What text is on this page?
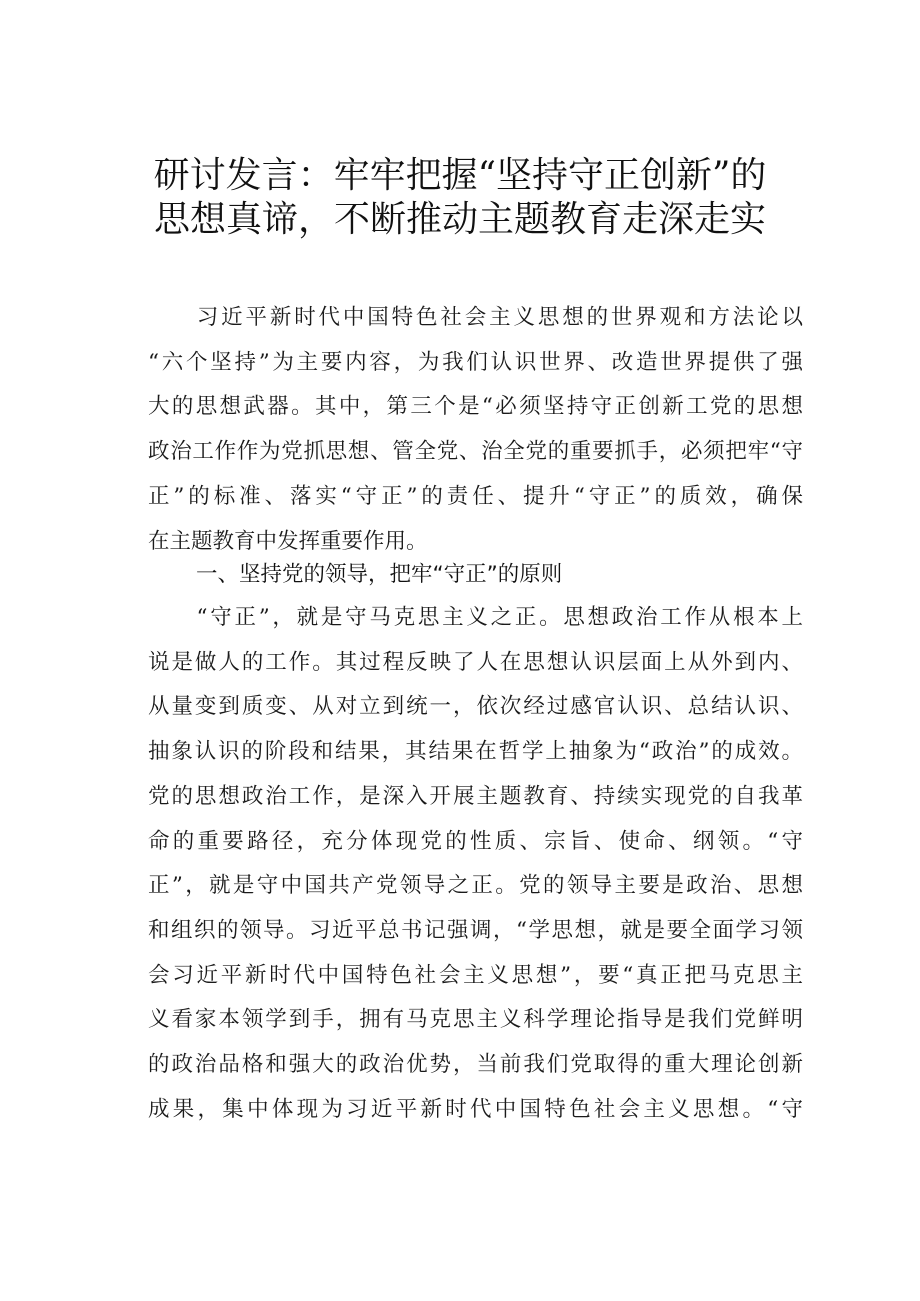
研讨发言：牢牢把握“坚持守正创新”的
思想真谛，不断推动主题教育走深走实
　　习近平新时代中国特色社会主义思想的世界观和方法论以
“六个坚持”为主要内容，为我们认识世界、改造世界提供了强
大的思想武器。其中，第三个是“必须坚持守正创新工党的思想
政治工作作为党抓思想、管全党、治全党的重要抓手，必须把牢“守
正”的标准、落实“守正”的责任、提升“守正”的质效，确保
在主题教育中发挥重要作用。
一、坚持党的领导，把牢“守正”的原则
　　“守正”，就是守马克思主义之正。思想政治工作从根本上
说是做人的工作。其过程反映了人在思想认识层面上从外到内、
从量变到质变、从对立到统一，依次经过感官认识、总结认识、
抽象认识的阶段和结果，其结果在哲学上抽象为“政治”的成效。
党的思想政治工作，是深入开展主题教育、持续实现党的自我革
命的重要路径，充分体现党的性质、宗旨、使命、纲领。“守
正”，就是守中国共产党领导之正。党的领导主要是政治、思想
和组织的领导。习近平总书记强调，“学思想，就是要全面学习领
会习近平新时代中国特色社会主义思想”，要“真正把马克思主
义看家本领学到手，拥有马克思主义科学理论指导是我们党鲜明
的政治品格和强大的政治优势，当前我们党取得的重大理论创新
成果，集中体现为习近平新时代中国特色社会主义思想。“守
